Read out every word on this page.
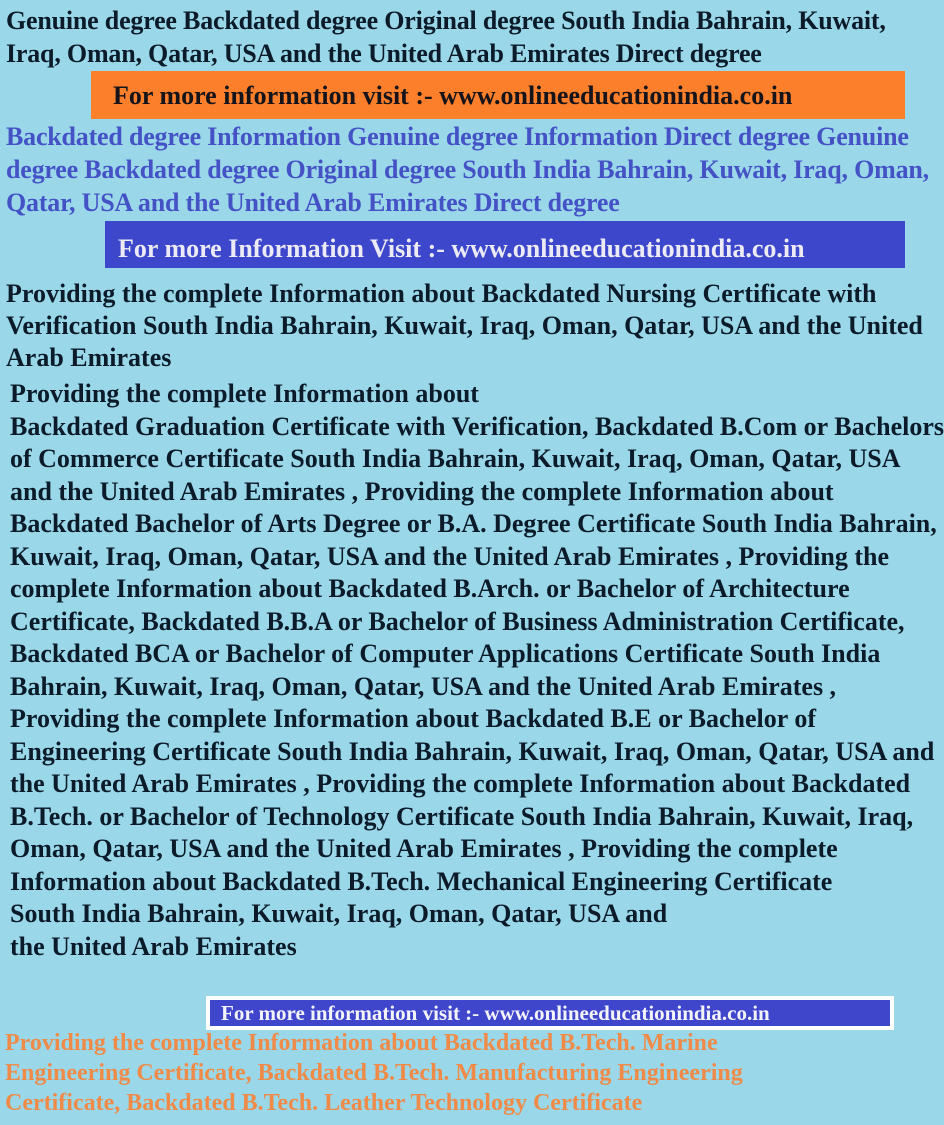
Genuine degree Backdated degree Original degree South India Bahrain, Kuwait, Iraq, Oman, Qatar, USA and the United Arab Emirates Direct degree
For more information visit :- www.onlineeducationindia.co.in
Backdated degree Information Genuine degree Information Direct degree Genuine degree Backdated degree Original degree South India Bahrain, Kuwait, Iraq, Oman, Qatar, USA and the United Arab Emirates Direct degree
For more Information Visit :- www.onlineeducationindia.co.in
Providing the complete Information about Backdated Nursing Certificate with Verification South India Bahrain, Kuwait, Iraq, Oman, Qatar, USA and the United Arab Emirates
Providing the complete Information about
Backdated Graduation Certificate with Verification, Backdated B.Com or Bachelors of Commerce Certificate South India Bahrain, Kuwait, Iraq, Oman, Qatar, USA and the United Arab Emirates , Providing the complete Information about Backdated Bachelor of Arts Degree or B.A. Degree Certificate South India Bahrain, Kuwait, Iraq, Oman, Qatar, USA and the United Arab Emirates , Providing the complete Information about Backdated B.Arch. or Bachelor of Architecture Certificate, Backdated B.B.A or Bachelor of Business Administration Certificate, Backdated BCA or Bachelor of Computer Applications Certificate South India Bahrain, Kuwait, Iraq, Oman, Qatar, USA and the United Arab Emirates , Providing the complete Information about Backdated B.E or Bachelor of Engineering Certificate South India Bahrain, Kuwait, Iraq, Oman, Qatar, USA and the United Arab Emirates , Providing the complete Information about Backdated B.Tech. or Bachelor of Technology Certificate South India Bahrain, Kuwait, Iraq, Oman, Qatar, USA and the United Arab Emirates , Providing the complete Information about Backdated B.Tech. Mechanical Engineering Certificate
South India Bahrain, Kuwait, Iraq, Oman, Qatar, USA and the United Arab Emirates
For more information visit :- www.onlineeducationindia.co.in
Providing the complete Information about Backdated B.Tech. Marine Engineering Certificate, Backdated B.Tech. Manufacturing Engineering Certificate, Backdated B.Tech. Leather Technology Certificate
